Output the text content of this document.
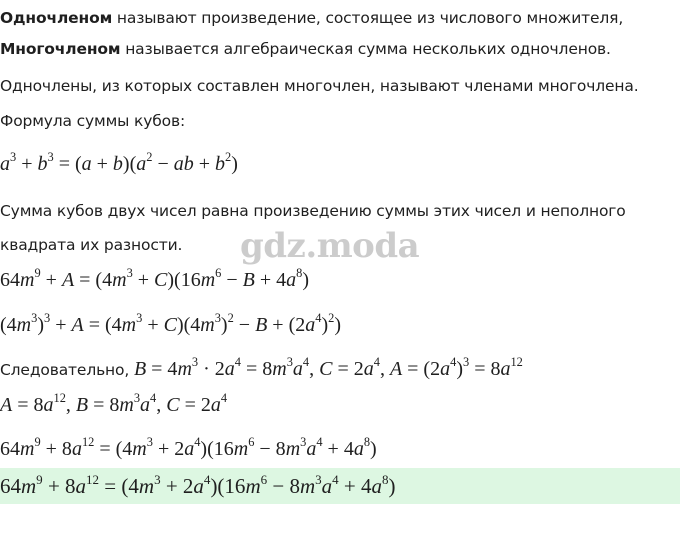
Одночленом называют произведение, состоящее из числового множителя,

Многочленом называется алгебраическая сумма нескольких одночленов.

Одночлены, из которых составлен многочлен, называют членами многочлена.

Формула суммы кубов:

$a^3 + b^3 = (a + b)(a^2$ − ab + $b^2$)

Сумма кубов двух чисел равна произведению суммы этих чисел и неполного

квадрата их разности. gdz.moda
$64m^9 + A = (4m^3 + C)(16m^6 - B + 4a^8)$
$(4m^3)^3 + A = (4m^3 + C)(4m^3)^2 - B + (2a^4)^2$)
Следовательно, $B = 4m^3 \cdot 2a^4 = 8m^3a^4$, $C = 2a^4$, $A = (2a^4)^3 = 8a^{12}$
$A = 8a^{12}$, $B = 8m^3a^4$, $C = 2a^4$
$64m^9 + 8a^{12} = (4m^3 + 2a^4)(16m^6 - 8m^3a^4 + 4a^8)$
$64m^9 + 8a^{12} = (4m^3 + 2a^4)(16m^6 - 8m^3a^4 + 4a^8)$
